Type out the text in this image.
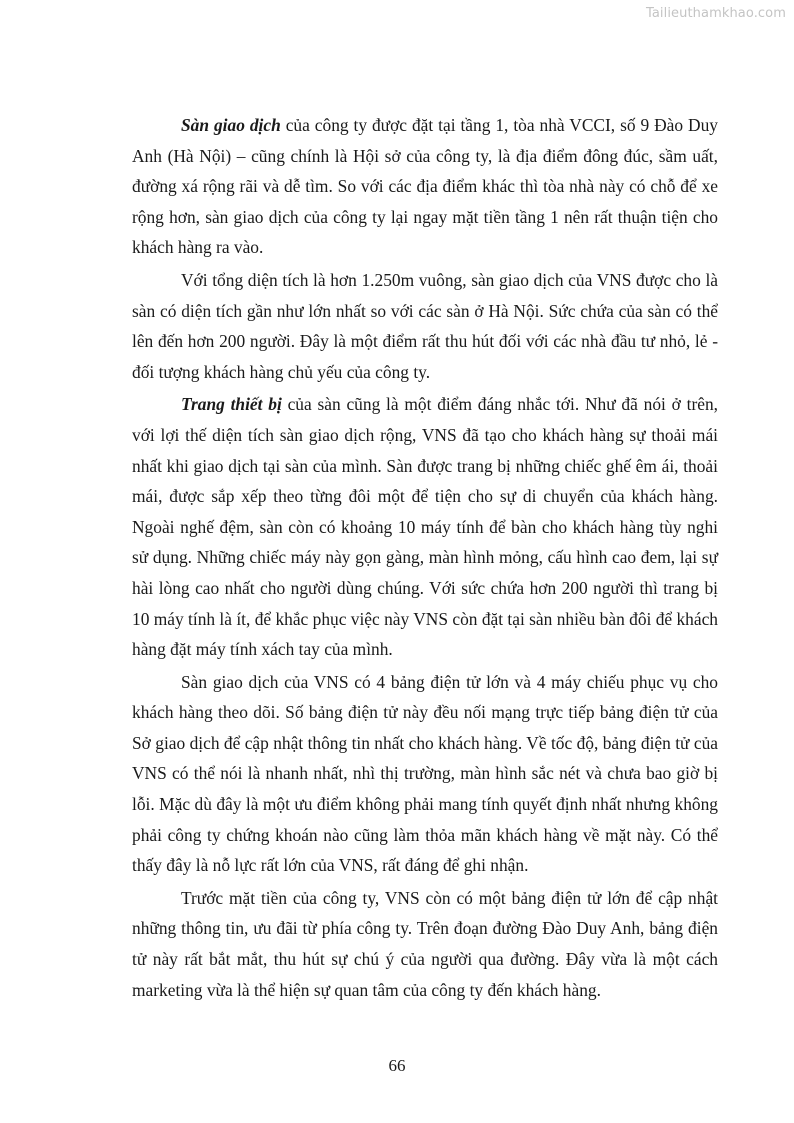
Tailieuthamkhao.com

Sàn giao dịch của công ty được đặt tại tầng 1, tòa nhà VCCI, số 9 Đào Duy Anh (Hà Nội) – cũng chính là Hội sở của công ty, là địa điểm đông đúc, sầm uất, đường xá rộng rãi và dễ tìm. So với các địa điểm khác thì tòa nhà này có chỗ để xe rộng hơn, sàn giao dịch của công ty lại ngay mặt tiền tầng 1 nên rất thuận tiện cho khách hàng ra vào.

Với tổng diện tích là hơn 1.250m vuông, sàn giao dịch của VNS được cho là sàn có diện tích gần như lớn nhất so với các sàn ở Hà Nội. Sức chứa của sàn có thể lên đến hơn 200 người. Đây là một điểm rất thu hút đối với các nhà đầu tư nhỏ, lẻ - đối tượng khách hàng chủ yếu của công ty.

Trang thiết bị của sàn cũng là một điểm đáng nhắc tới. Như đã nói ở trên, với lợi thế diện tích sàn giao dịch rộng, VNS đã tạo cho khách hàng sự thoải mái nhất khi giao dịch tại sàn của mình. Sàn được trang bị những chiếc ghế êm ái, thoải mái, được sắp xếp theo từng đôi một để tiện cho sự di chuyển của khách hàng. Ngoài nghế đệm, sàn còn có khoảng 10 máy tính để bàn cho khách hàng tùy nghi sử dụng. Những chiếc máy này gọn gàng, màn hình mỏng, cấu hình cao đem, lại sự hài lòng cao nhất cho người dùng chúng. Với sức chứa hơn 200 người thì trang bị 10 máy tính là ít, để khắc phục việc này VNS còn đặt tại sàn nhiều bàn đôi để khách hàng đặt máy tính xách tay của mình.

Sàn giao dịch của VNS có 4 bảng điện tử lớn và 4 máy chiếu phục vụ cho khách hàng theo dõi. Số bảng điện tử này đều nối mạng trực tiếp bảng điện tử của Sở giao dịch để cập nhật thông tin nhất cho khách hàng. Về tốc độ, bảng điện tử của VNS có thể nói là nhanh nhất, nhì thị trường, màn hình sắc nét và chưa bao giờ bị lỗi. Mặc dù đây là một ưu điểm không phải mang tính quyết định nhất nhưng không phải công ty chứng khoán nào cũng làm thỏa mãn khách hàng về mặt này. Có thể thấy đây là nỗ lực rất lớn của VNS, rất đáng để ghi nhận.

Trước mặt tiền của công ty, VNS còn có một bảng điện tử lớn để cập nhật những thông tin, ưu đãi từ phía công ty. Trên đoạn đường Đào Duy Anh, bảng điện tử này rất bắt mắt, thu hút sự chú ý của người qua đường. Đây vừa là một cách marketing vừa là thể hiện sự quan tâm của công ty đến khách hàng.

66
